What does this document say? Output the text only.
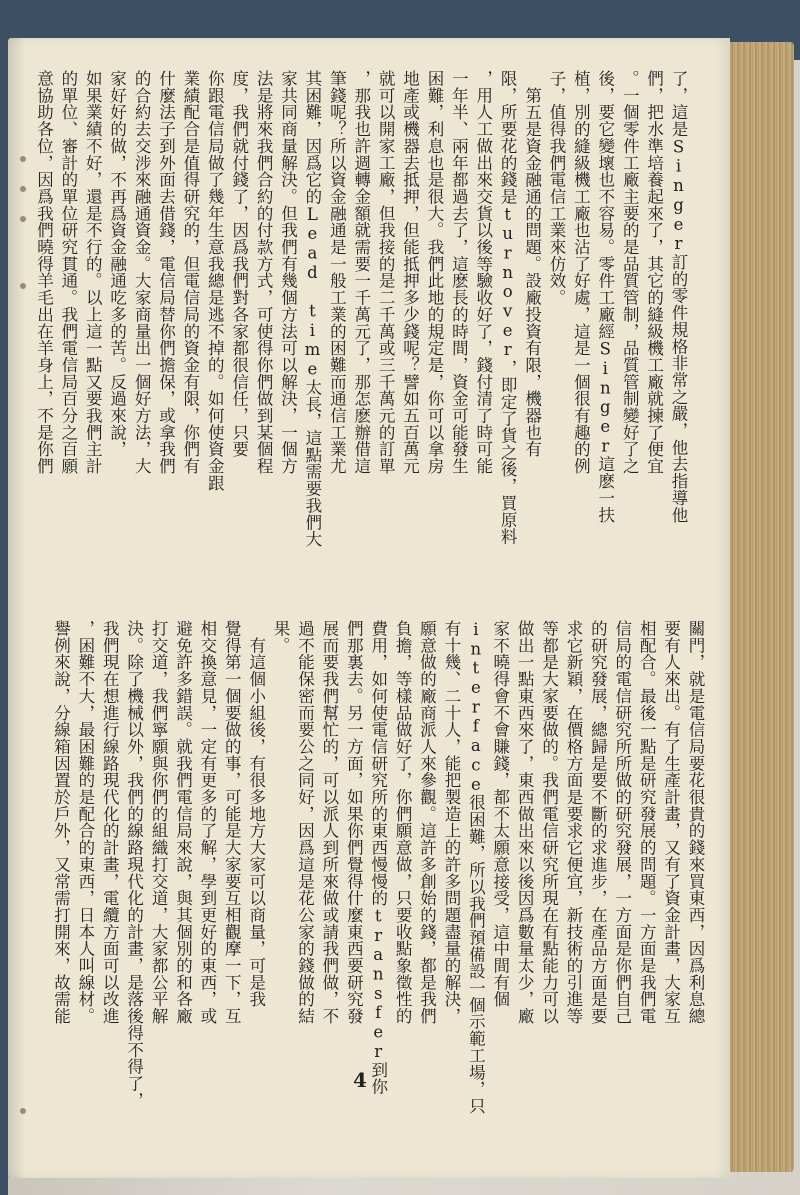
了，這是Singer訂的零件規格非常之嚴，他去指導他
們，把水準培養起來了，其它的縫級機工廠就揀了便宜
。一個零件工廠主要的是品質管制，品質管制變好了之
後，要它變壞也不容易。零件工廠經Singer這麽一扶
植，別的縫級機工廠也沾了好處，這是一個很有趣的例
子，值得我們電信工業來仿效。
　第五是資金融通的問題。設廠投資有限，機器也有
限，所要花的錢是turnover，即定了貨之後，買原料
，用人工做出來交貨以後等驗收好了，錢付清了時可能
一年半、兩年都過去了，這麽長的時間，資金可能發生
困難，利息也是很大。我們此地的規定是，你可以拿房
地產或機器去抵押，但能抵押多少錢呢？譬如五百萬元
就可以開家工廠，但我接的是二千萬或三千萬元的訂單
，那我也許週轉金額就需要一千萬元了，那怎麽辦借這
筆錢呢？所以資金融通是一般工業的困難而通信工業尤
其困難，因爲它的Lead time太長，這點需要我們大
家共同商量解決。但我們有幾個方法可以解決，一個方
法是將來我們合約的付款方式，可使得你們做到某個程
度，我們就付錢了，因爲我們對各家都很信任，只要
你跟電信局做了幾年生意我總是逃不掉的。如何使資金跟
業績配合是值得研究的，但電信局的資金有限，你們有
什麼法子到外面去借錢，電信局替你們擔保，或拿我們
的合約去交涉來融通資金。大家商量出一個好方法，大
家好好的做，不再爲資金融通吃多的苦。反過來說，
如果業績不好，還是不行的。以上這一點又要我們主計
的單位、審計的單位研究貫通。我們電信局百分之百願
意協助各位，因爲我們曉得羊毛出在羊身上，不是你們
關門，就是電信局要花很貴的錢來買東西，因爲利息總
要有人來出。有了生產計畫，又有了資金計畫，大家互
相配合。最後一點是研究發展的問題。一方面是我們電
信局的電信研究所所做的研究發展，一方面是你們自己
的研究發展，總歸是要不斷的求進步，在產品方面是要
求它新穎，在價格方面是要求它便宜，新技術的引進等
等都是大家要做的。我們電信研究所現在有點能力可以
做出一點東西來了，東西做出來以後因爲數量太少，廠
家不曉得會不會賺錢，都不太願意接受，這中間有個
interface很困難，所以我們預備設一個示範工場，只
有十幾、二十人，能把製造上的許多問題盡量的解決，
願意做的廠商派人來參觀。這許多創始的錢，都是我們
負擔，等樣品做好了，你們願意做，只要收點象徵性的
費用，如何使電信研究所的東西慢慢的transfer到你
們那裏去。另一方面，如果你們覺得什麼東西要研究發
展而要我們幫忙的，可以派人到所來做或請我們做，不
過不能保密而要公之同好，因爲這是花公家的錢做的結
果。
　有這個小組後，有很多地方大家可以商量，可是我
覺得第一個要做的事，可能是大家要互相觀摩一下，互
相交換意見，一定有更多的了解，學到更好的東西，或
避免許多錯誤。就我們電信局來說，與其個別的和各廠
打交道，我們寧願與你們的組織打交道，大家都公平解
決。除了機械以外，我們的線路現代化的計畫，是落後得不得了，
我們現在想進行線路現代化的計畫，電纜方面可以改進
，困難不大，最困難的是配合的東西，日本人叫線材。
譽例來說，分線箱因置於戶外，又常需打開來，故需能
4
